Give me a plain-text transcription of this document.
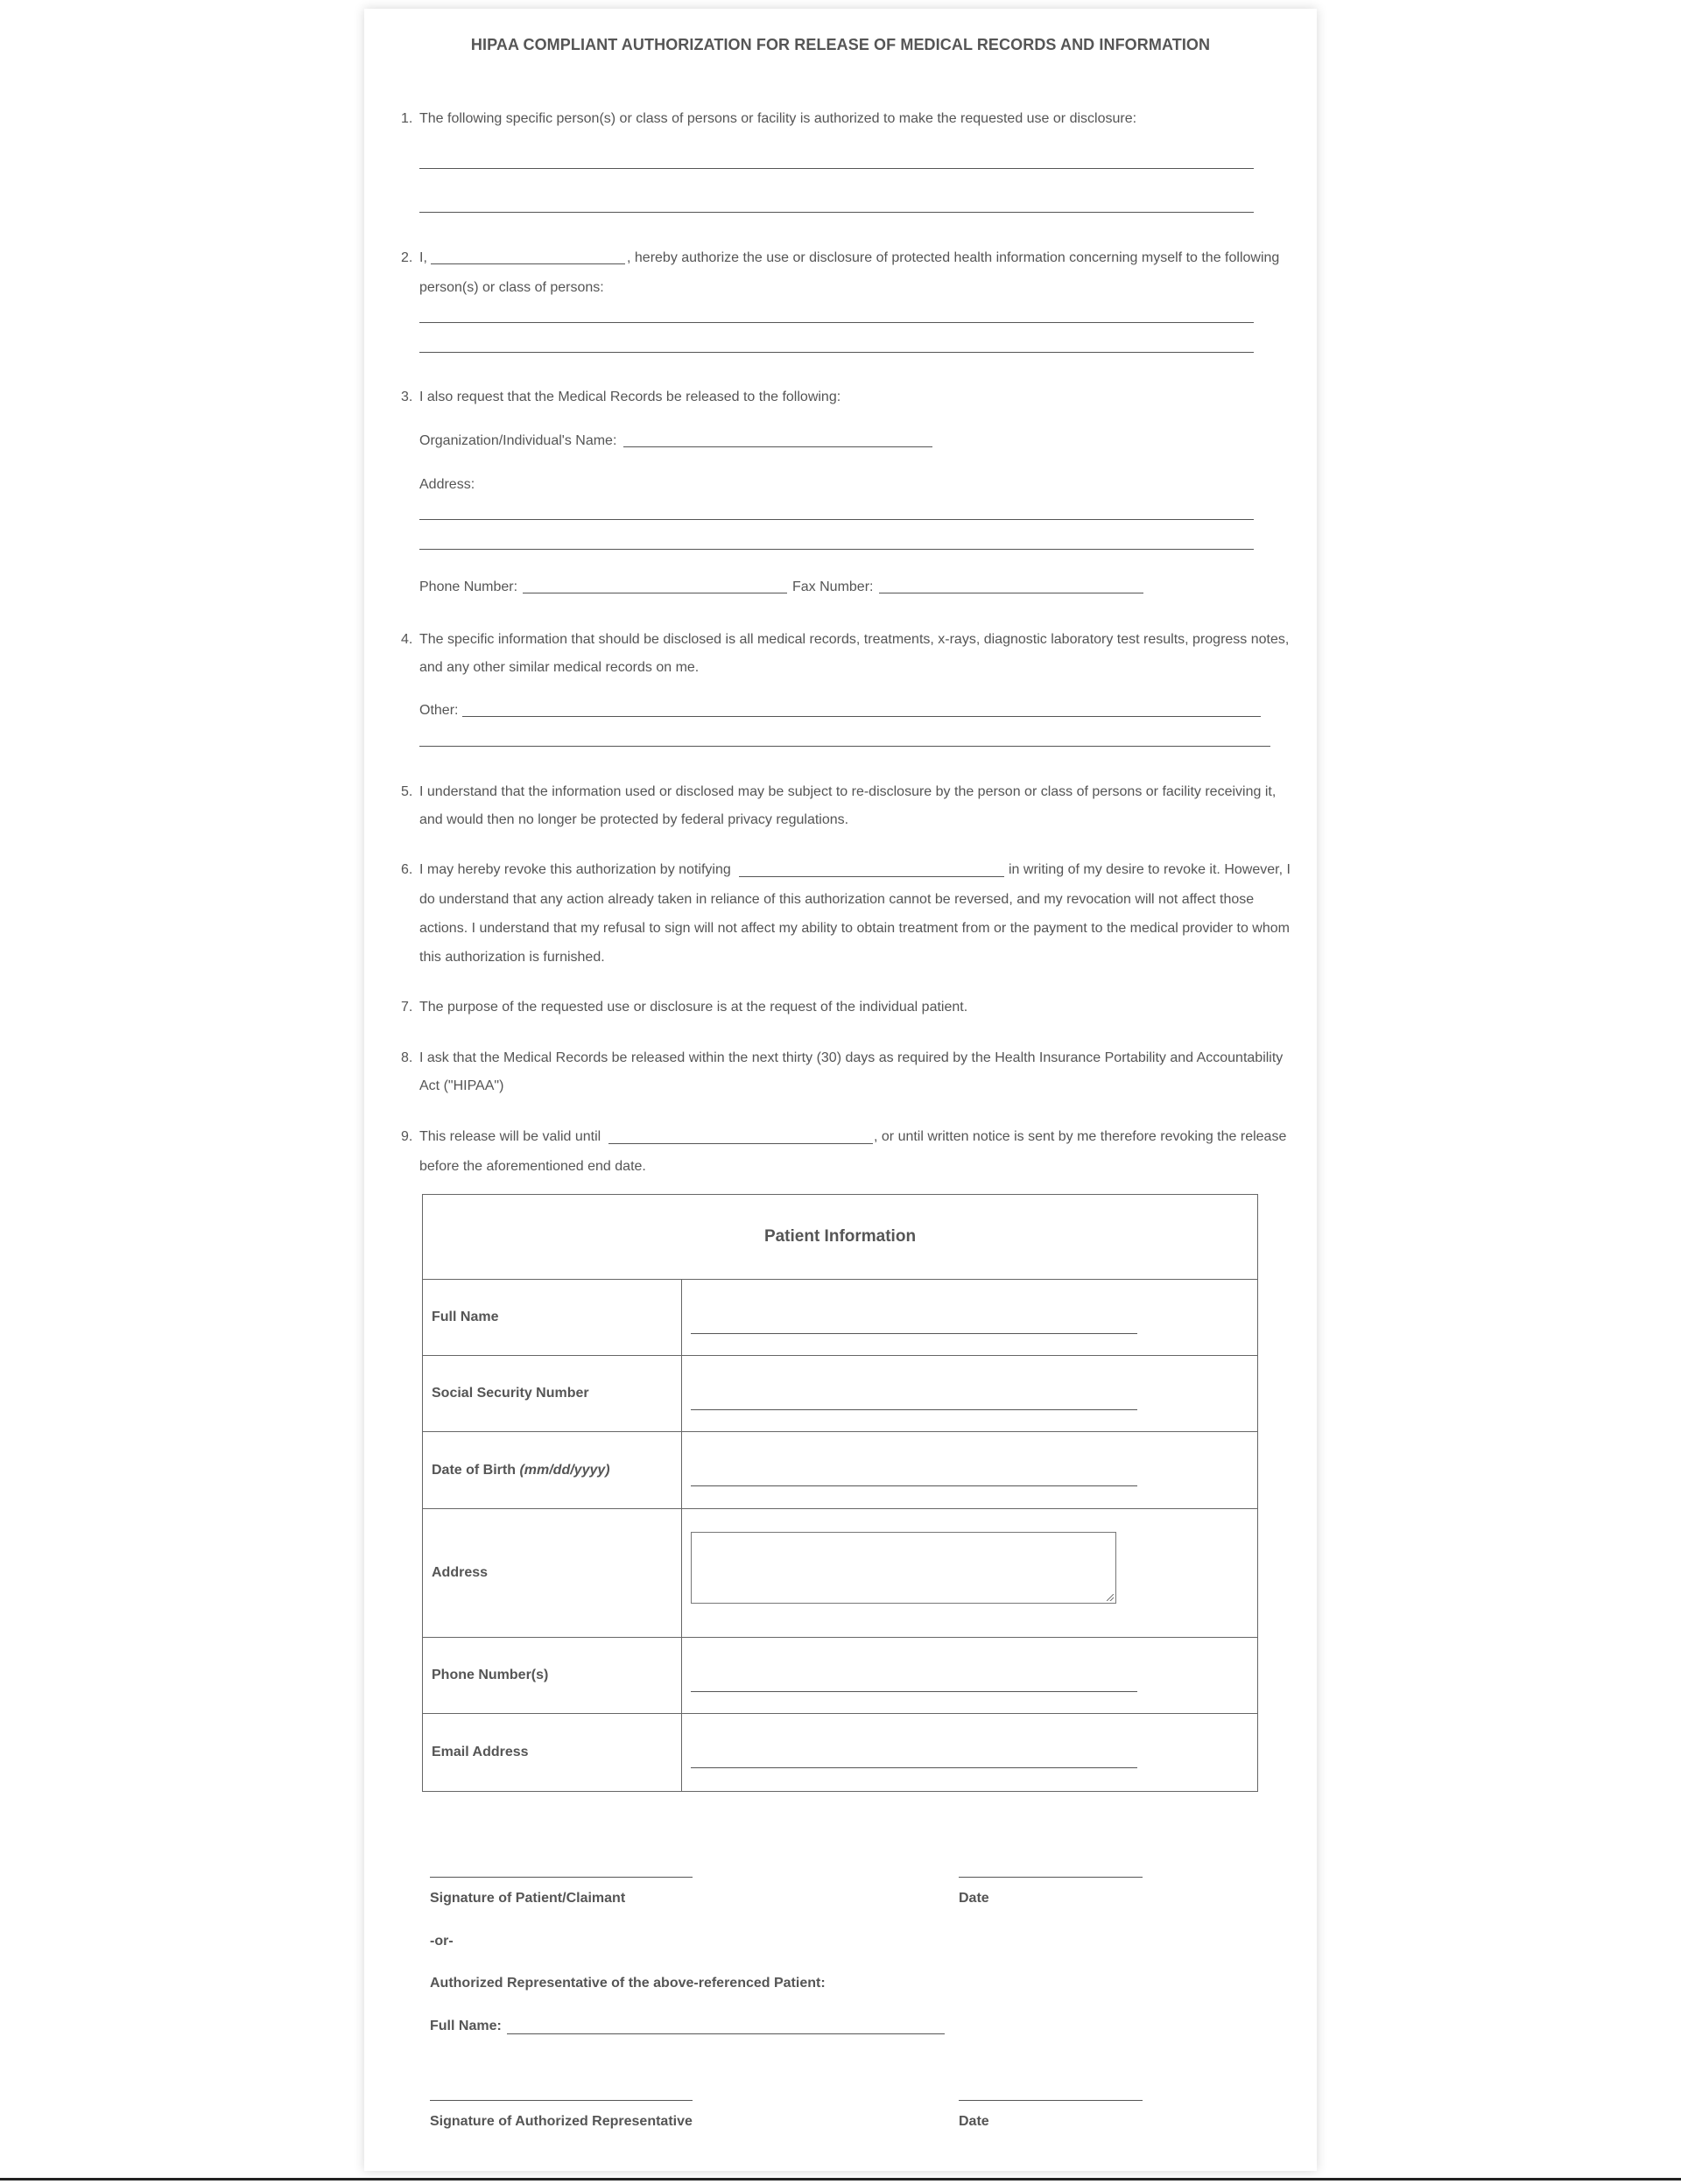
HIPAA COMPLIANT AUTHORIZATION FOR RELEASE OF MEDICAL RECORDS AND INFORMATION
1. The following specific person(s) or class of persons or facility is authorized to make the requested use or disclosure:
2. I,	, hereby authorize the use or disclosure of protected health information concerning myself to the following
person(s) or class of persons:
3. I also request that the Medical Records be released to the following:
Organization/Individual's Name:
Address:
Phone Number:	Fax Number:
4. The specific information that should be disclosed is all medical records, treatments, x-rays, diagnostic laboratory test results, progress notes,
and any other similar medical records on me.
Other:
5. I understand that the information used or disclosed may be subject to re-disclosure by the person or class of persons or facility receiving it,
and would then no longer be protected by federal privacy regulations.
6. I may hereby revoke this authorization by notifying	in writing of my desire to revoke it. However, I
do understand that any action already taken in reliance of this authorization cannot be reversed, and my revocation will not affect those
actions. I understand that my refusal to sign will not affect my ability to obtain treatment from or the payment to the medical provider to whom
this authorization is furnished.
7. The purpose of the requested use or disclosure is at the request of the individual patient.
8. I ask that the Medical Records be released within the next thirty (30) days as required by the Health Insurance Portability and Accountability
Act ("HIPAA")
9. This release will be valid until	, or until written notice is sent by me therefore revoking the release
before the aforementioned end date.
Patient Information
Full Name
Social Security Number
Date of Birth
(mm/dd/yyyy)
Address
Phone Number(s)
Email Address
Signature of Patient/Claimant	Date
-or-
Authorized Representative of the above-referenced Patient:
Full Name:
Signature of Authorized Representative	Date
